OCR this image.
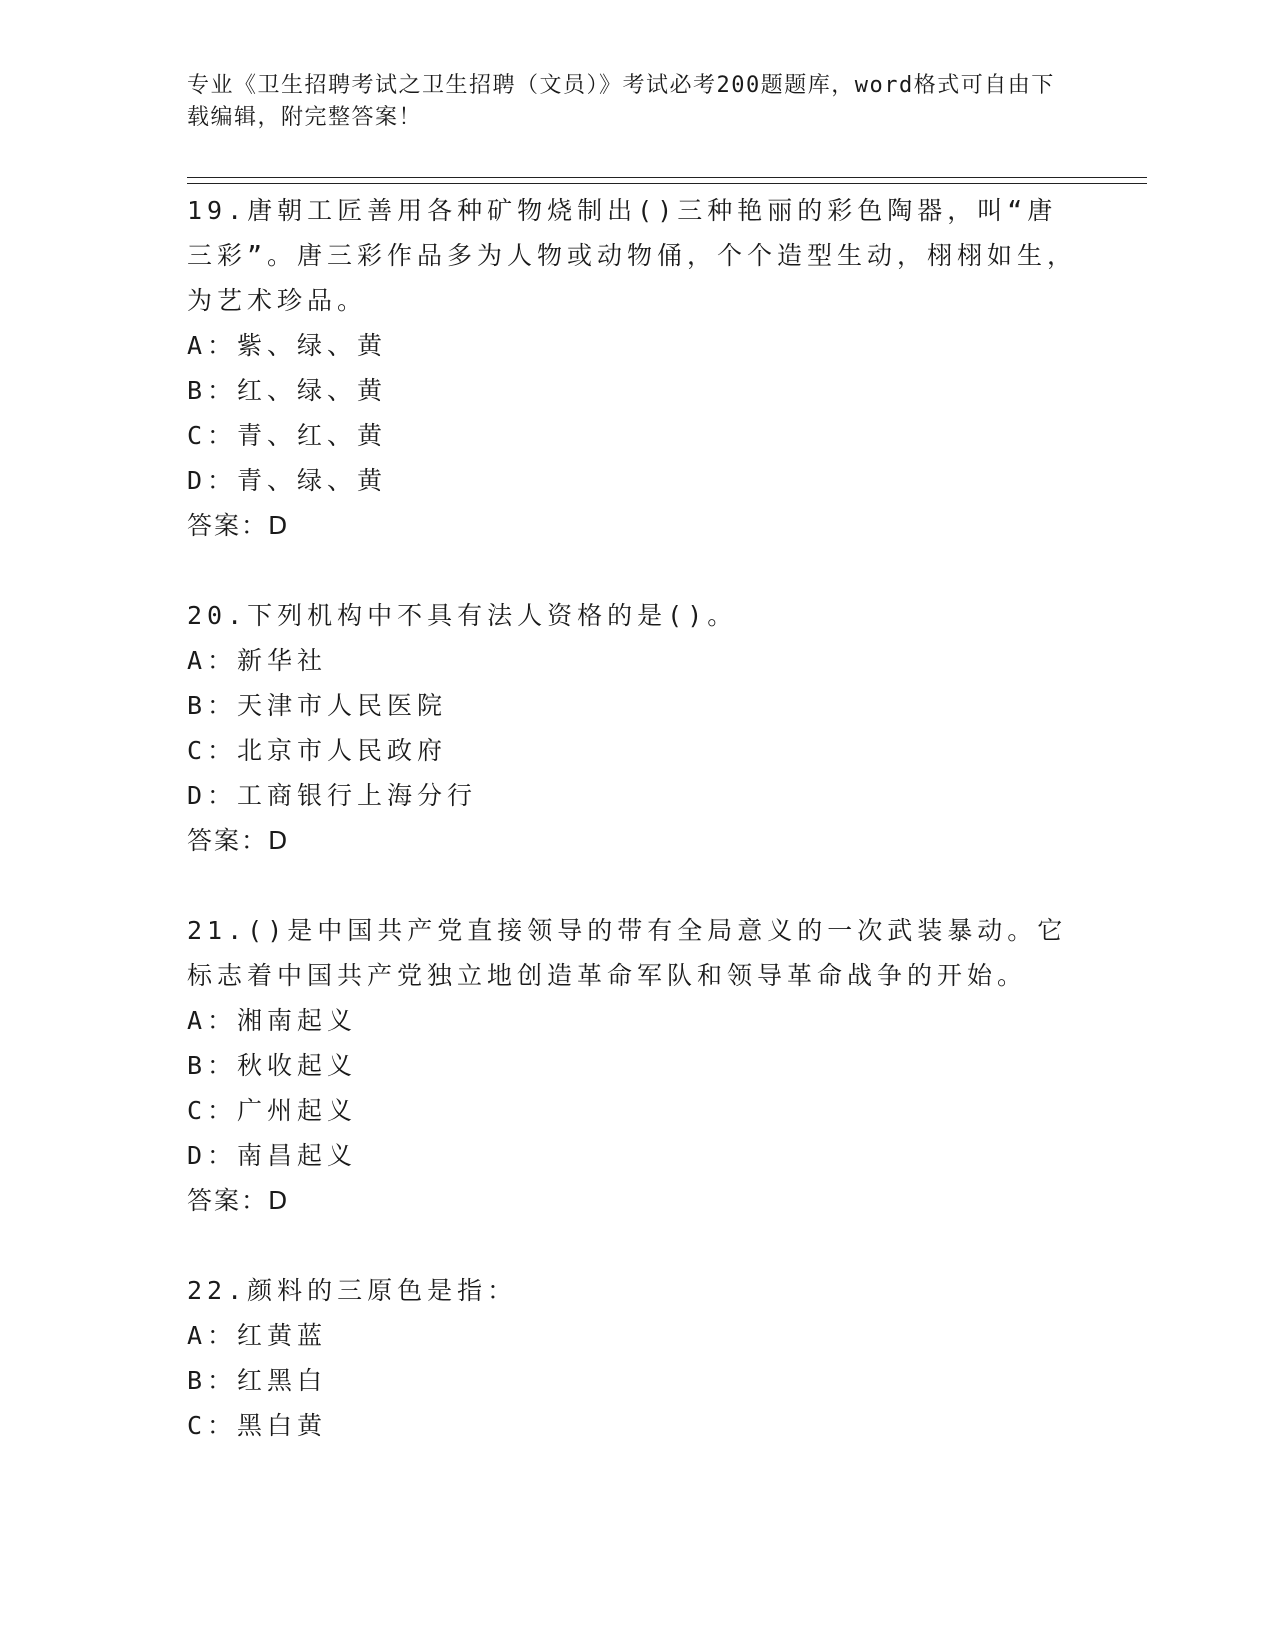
专业《卫生招聘考试之卫生招聘（文员）》考试必考200题题库，word格式可自由下载编辑，附完整答案！

19.唐朝工匠善用各种矿物烧制出()三种艳丽的彩色陶器，叫“唐三彩”。唐三彩作品多为人物或动物俑，个个造型生动，栩栩如生，为艺术珍品。

A：紫、绿、黄

B：红、绿、黄

C：青、红、黄

D：青、绿、黄

答案：D

20.下列机构中不具有法人资格的是()。

A：新华社

B：天津市人民医院

C：北京市人民政府

D：工商银行上海分行

答案：D

21.()是中国共产党直接领导的带有全局意义的一次武装暴动。它标志着中国共产党独立地创造革命军队和领导革命战争的开始。

A：湘南起义

B：秋收起义

C：广州起义

D：南昌起义

答案：D

22.颜料的三原色是指：

A：红黄蓝

B：红黑白

C：黑白黄
